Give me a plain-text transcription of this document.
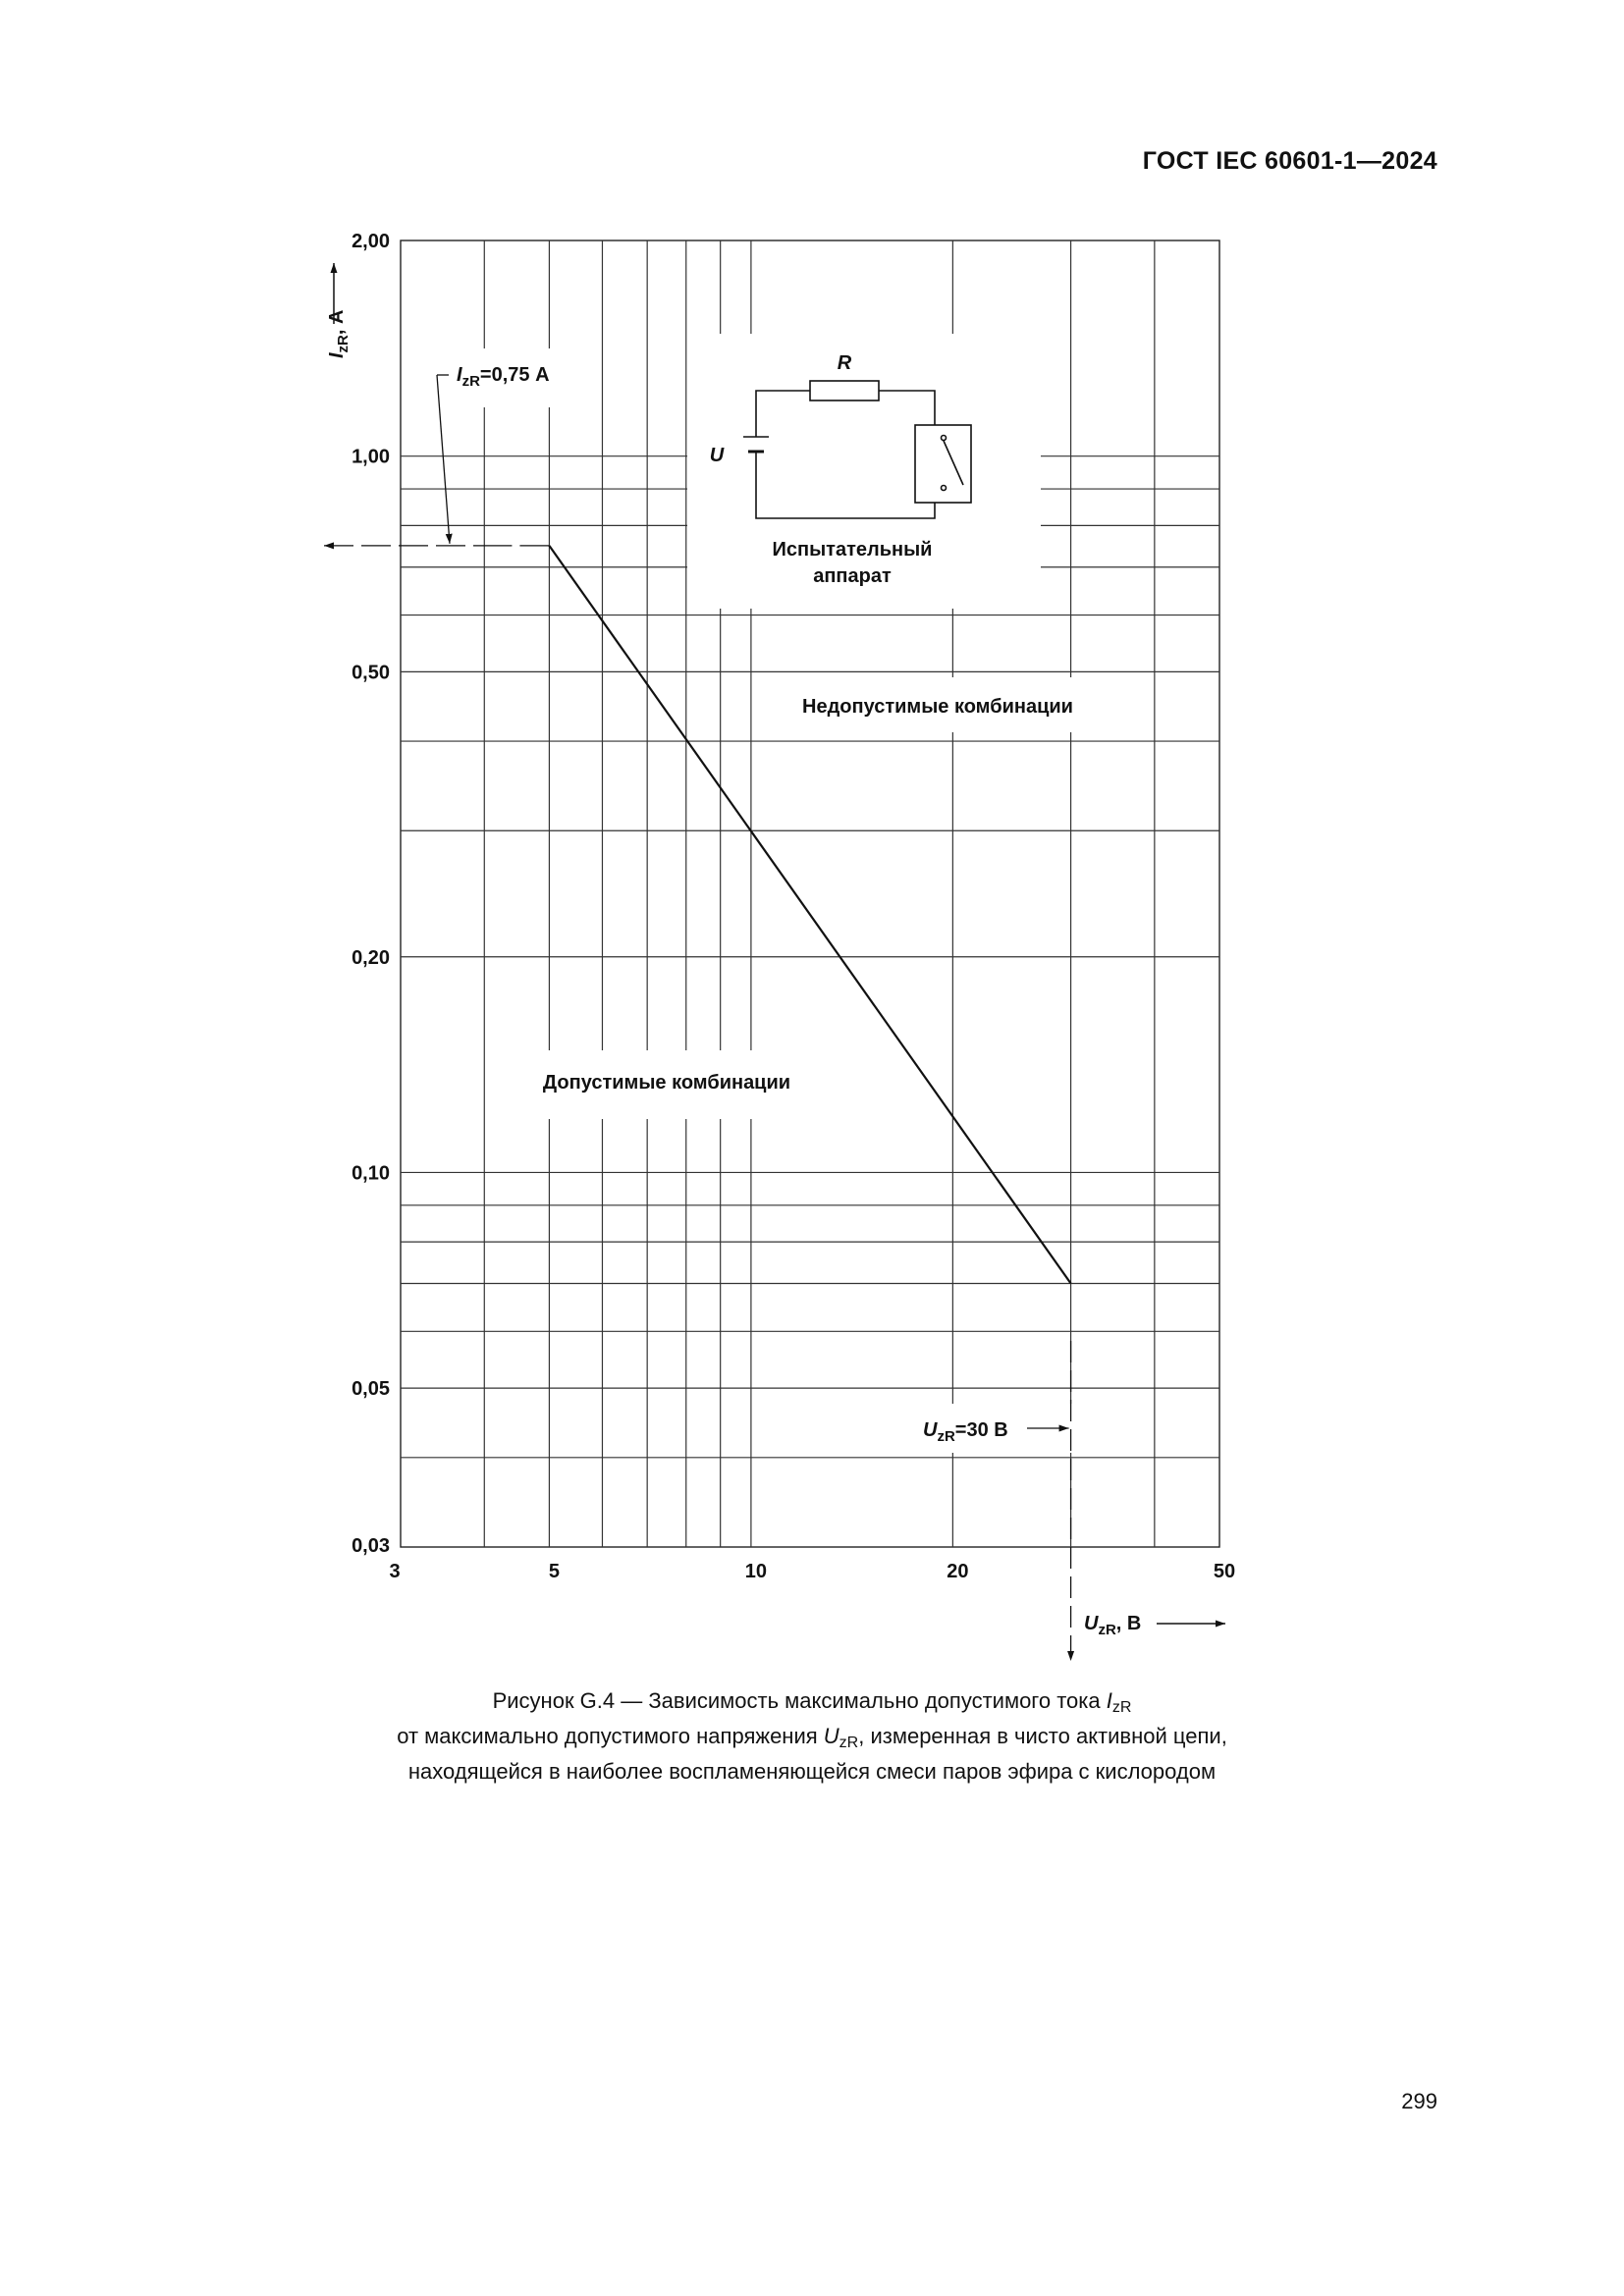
ГОСТ IEC 60601-1—2024
0,03
0,05
0,10
0,20
0,50
1,00
2,00
3	5	10	20	50
$I_{zR}$, А
$U_{zR}$, В
$I_{zR}=0,75$ А
$U_{zR}=30$ В
Недопустимые комбинации
Допустимые комбинации
R
U
Испытательный
аппарат
Рисунок G.4 — Зависимость максимально допустимого тока $I_{zR}$
от максимально допустимого напряжения $U_{zR}$, измеренная в чисто активной цепи,
находящейся в наиболее воспламеняющейся смеси паров эфира с кислородом
299
